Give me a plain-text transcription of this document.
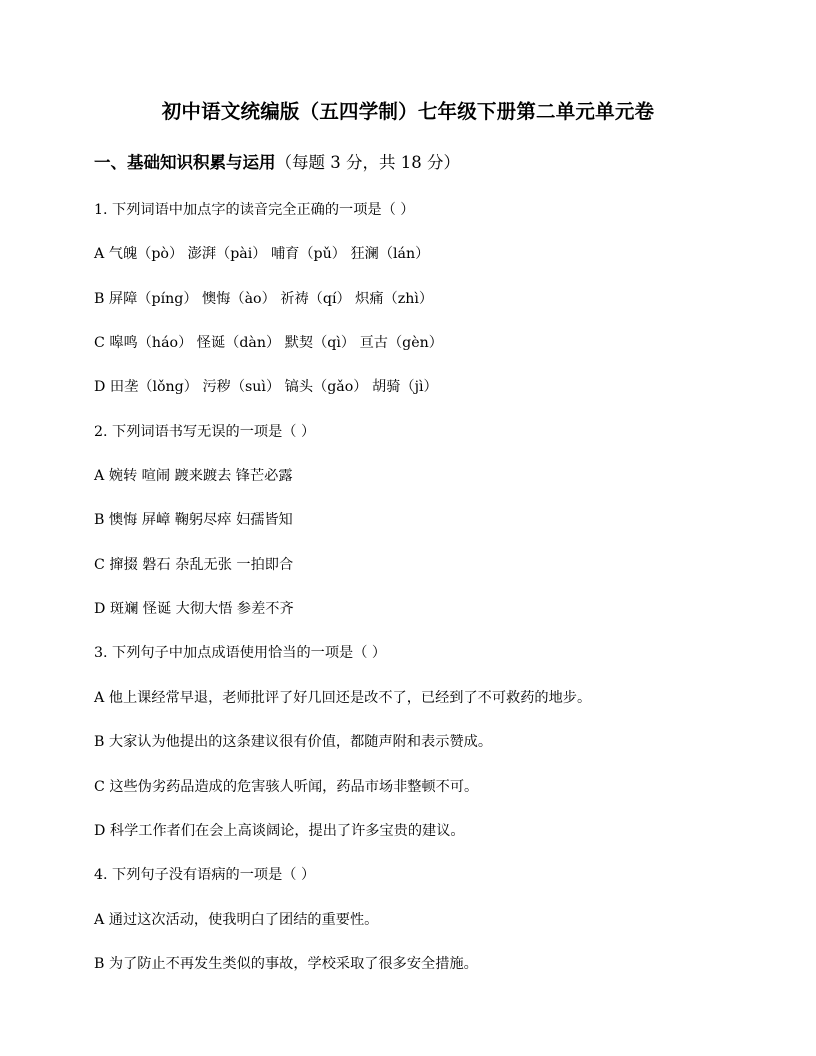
初中语文统编版（五四学制）七年级下册第二单元单元卷
一、基础知识积累与运用（每题 3 分，共 18 分）
1. 下列词语中加点字的读音完全正确的一项是（ ）
A 气魄（pò） 澎湃（pài） 哺育（pǔ） 狂澜（lán）
B 屏障（píng） 懊悔（ào） 祈祷（qí） 炽痛（zhì）
C 嗥鸣（háo） 怪诞（dàn） 默契（qì） 亘古（gèn）
D 田垄（lǒng） 污秽（suì） 镐头（gǎo） 胡骑（jì）
2. 下列词语书写无误的一项是（ ）
A 婉转 喧闹 踱来踱去 锋芒必露
B 懊悔 屏嶂 鞠躬尽瘁 妇孺皆知
C 撺掇 磐石 杂乱无张 一拍即合
D 斑斓 怪诞 大彻大悟 参差不齐
3. 下列句子中加点成语使用恰当的一项是（ ）
A 他上课经常早退，老师批评了好几回还是改不了，已经到了不可救药的地步。
B 大家认为他提出的这条建议很有价值，都随声附和表示赞成。
C 这些伪劣药品造成的危害骇人听闻，药品市场非整顿不可。
D 科学工作者们在会上高谈阔论，提出了许多宝贵的建议。
4. 下列句子没有语病的一项是（ ）
A 通过这次活动，使我明白了团结的重要性。
B 为了防止不再发生类似的事故，学校采取了很多安全措施。
